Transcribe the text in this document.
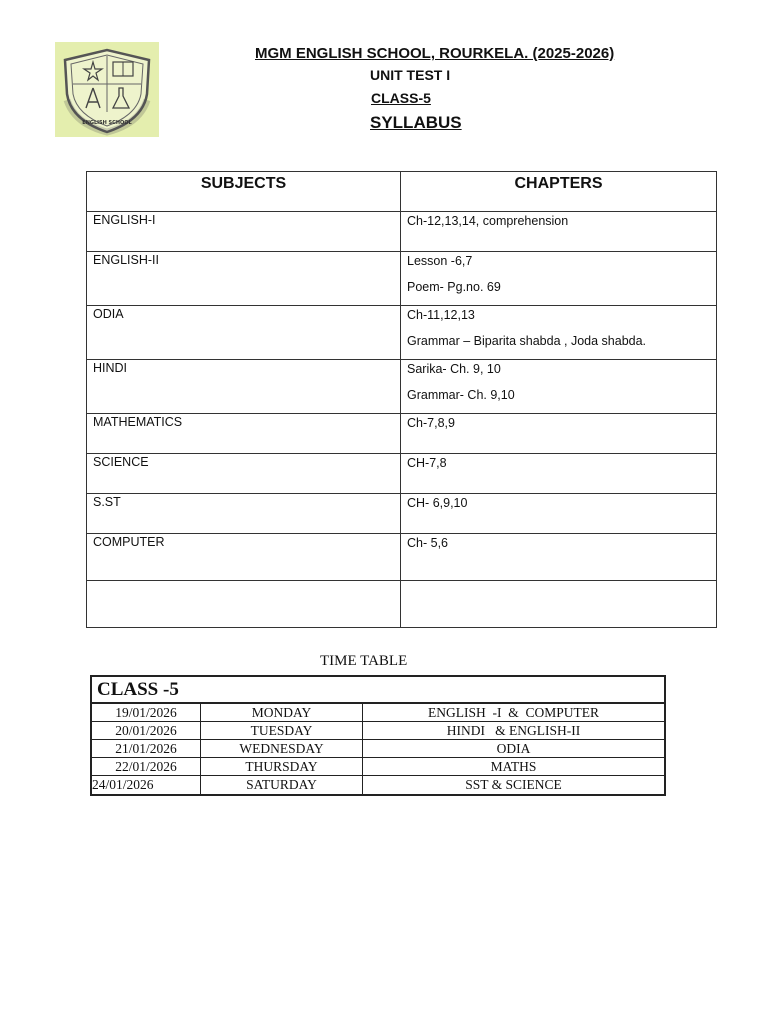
ENGLISH SCHOOL
MGM ENGLISH SCHOOL, ROURKELA. (2025-2026)
UNIT TEST I
CLASS-5
SYLLABUS
SUBJECTS	CHAPTERS
ENGLISH-I	Ch-12,13,14, comprehension

ENGLISH-II	Lesson -6,7
Poem- Pg.no. 69

ODIA	Ch-11,12,13
Grammar – Biparita shabda , Joda shabda.

HINDI	Sarika- Ch. 9, 10
Grammar- Ch. 9,10

MATHEMATICS	Ch-7,8,9

SCIENCE	CH-7,8

S.ST	CH- 6,9,10

COMPUTER	Ch- 5,6

TIME TABLE
CLASS -5
19/01/2026	MONDAY	ENGLISH  -I  &  COMPUTER
20/01/2026	TUESDAY	HINDI   & ENGLISH-II
21/01/2026	WEDNESDAY	ODIA
22/01/2026	THURSDAY	MATHS
24/01/2026	SATURDAY	SST & SCIENCE
